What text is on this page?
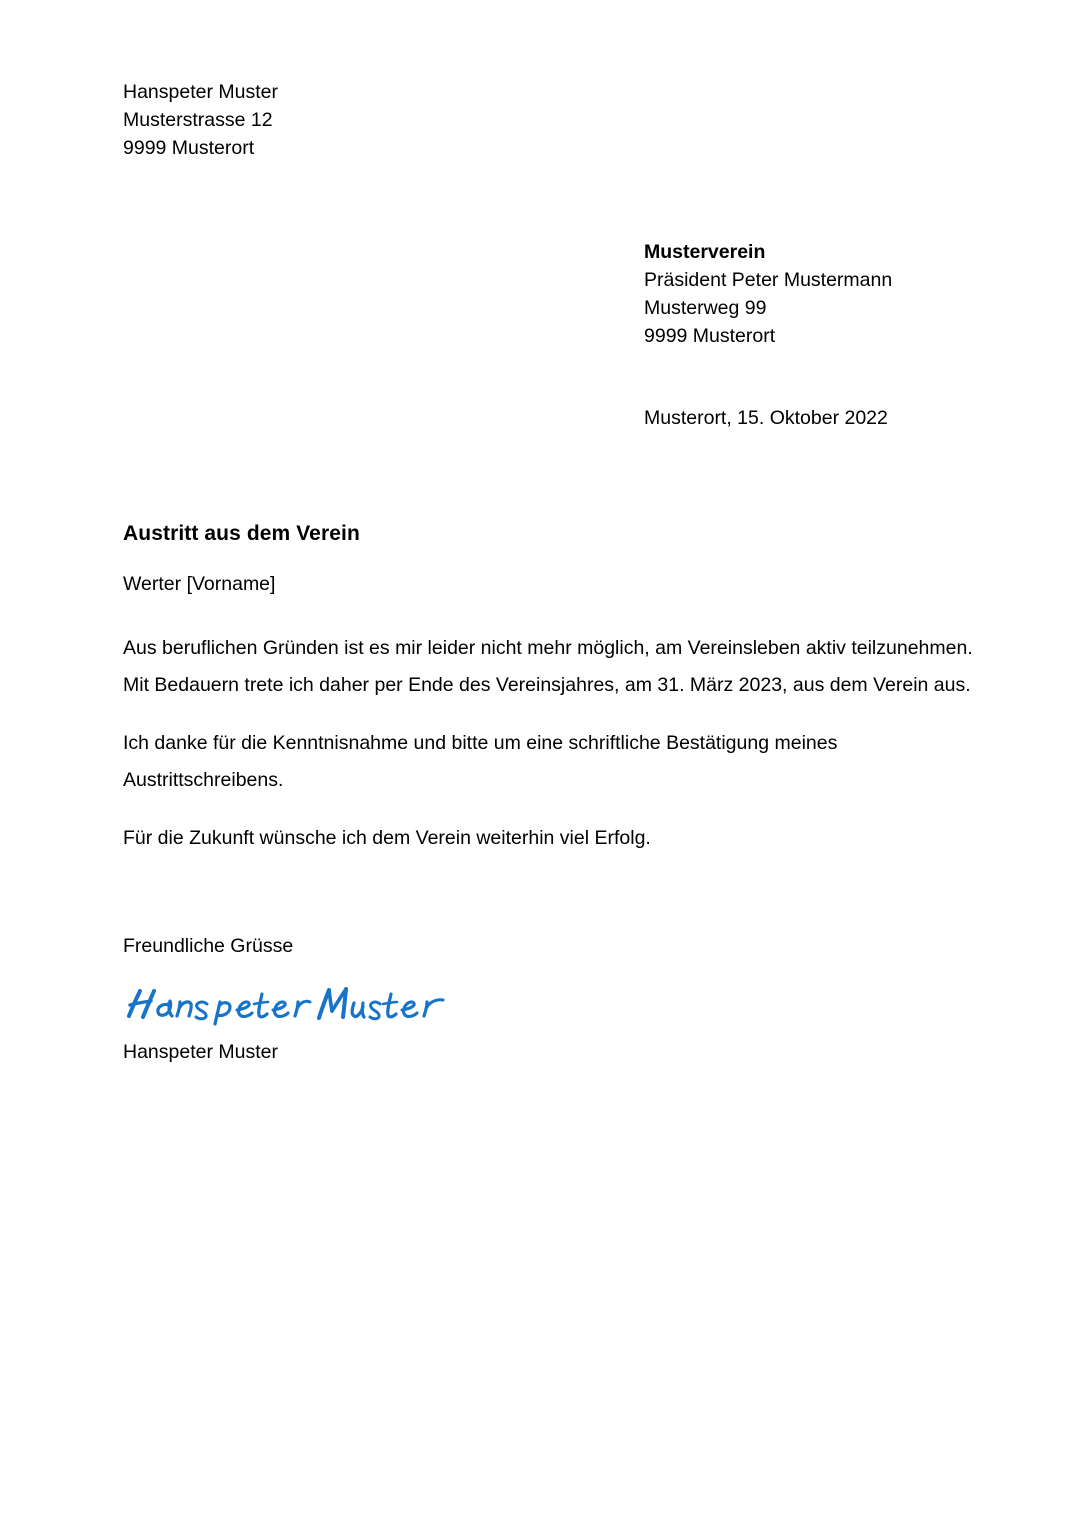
Hanspeter Muster
Musterstrasse 12
9999 Musterort
Musterverein
Präsident Peter Mustermann
Musterweg 99
9999 Musterort
Musterort, 15. Oktober 2022
Austritt aus dem Verein

Werter [Vorname]

Aus beruflichen Gründen ist es mir leider nicht mehr möglich, am Vereinsleben aktiv teilzunehmen. Mit Bedauern trete ich daher per Ende des Vereinsjahres, am 31. März 2023, aus dem Verein aus.

Ich danke für die Kenntnisnahme und bitte um eine schriftliche Bestätigung meines Austrittschreibens.

Für die Zukunft wünsche ich dem Verein weiterhin viel Erfolg.

Freundliche Grüsse
Hanspeter Muster
